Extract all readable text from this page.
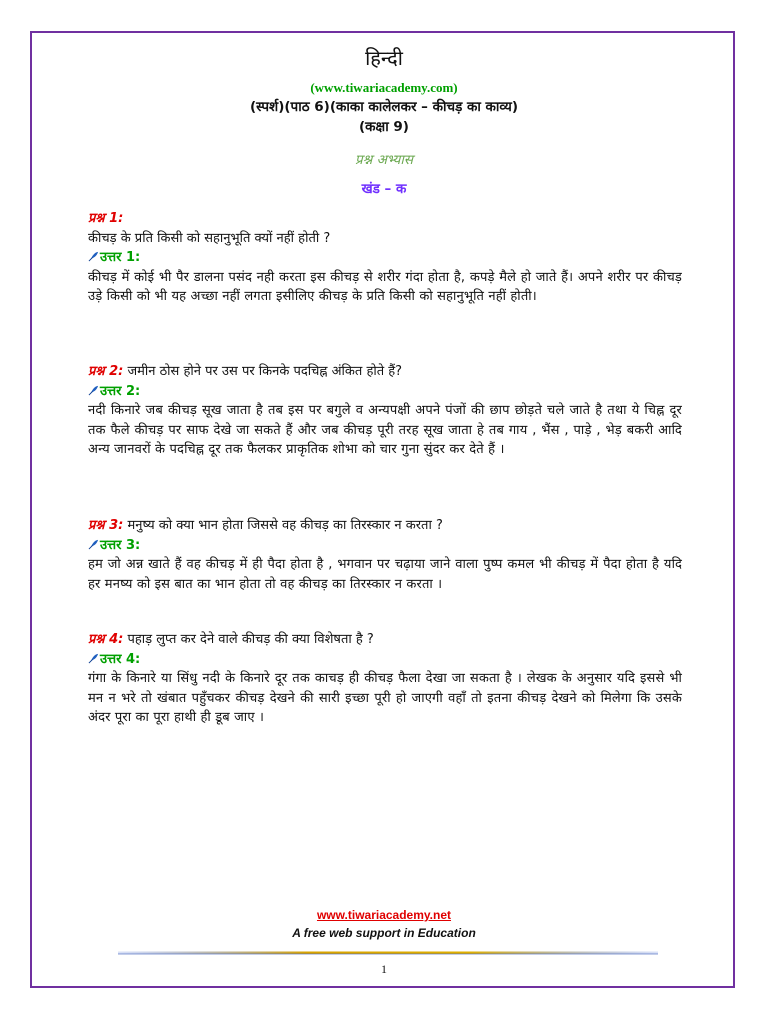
हिन्दी
(www.tiwariacademy.com)
(स्पर्श)(पाठ 6)(काका कालेलकर – कीचड़ का काव्य)
(कक्षा 9)
प्रश्न अभ्यास
खंड – क
प्रश्न 1:
कीचड़ के प्रति किसी को सहानुभूति क्यों नहीं होती ?
उत्तर 1:
कीचड़ में कोई भी पैर डालना पसंद नही करता इस कीचड़ से शरीर गंदा होता है, कपड़े मैले हो जाते हैं। अपने शरीर पर कीचड़ उड़े किसी को भी यह अच्छा नहीं लगता इसीलिए कीचड़ के प्रति किसी को सहानुभूति नहीं होती।
प्रश्न 2: जमीन ठोस होने पर उस पर किनके पदचिह्न अंकित होते हैं?
उत्तर 2:
नदी किनारे जब कीचड़ सूख जाता है तब इस पर बगुले व अन्यपक्षी अपने पंजों की छाप छोड़ते चले जाते है तथा ये चिह्न दूर तक फैले कीचड़ पर साफ देखे जा सकते हैं और जब कीचड़ पूरी तरह सूख जाता हे तब गाय , भैंस , पाड़े , भेड़ बकरी आदि अन्य जानवरों के पदचिह्न दूर तक फैलकर प्राकृतिक शोभा को चार गुना सुंदर कर देते हैं ।
प्रश्न 3: मनुष्य को क्या भान होता जिससे वह कीचड़ का तिरस्कार न करता ?
उत्तर 3:
हम जो अन्न खाते हैं वह कीचड़ में ही पैदा होता है , भगवान पर चढ़ाया जाने वाला पुष्प कमल भी कीचड़ में पैदा होता है यदि हर मनष्य को इस बात का भान होता तो वह कीचड़ का तिरस्कार न करता ।
प्रश्न 4: पहाड़ लुप्त कर देने वाले कीचड़ की क्या विशेषता है ?
उत्तर 4:
गंगा के किनारे या सिंधु नदी के किनारे दूर तक काचड़ ही कीचड़ फैला देखा जा सकता है । लेखक के अनुसार यदि इससे भी मन न भरे तो खंबात पहुँचकर कीचड़ देखने की सारी इच्छा पूरी हो जाएगी वहाँ तो इतना कीचड़ देखने को मिलेगा कि उसके अंदर पूरा का पूरा हाथी ही डूब जाए ।
www.tiwariacademy.net
A free web support in Education
1
